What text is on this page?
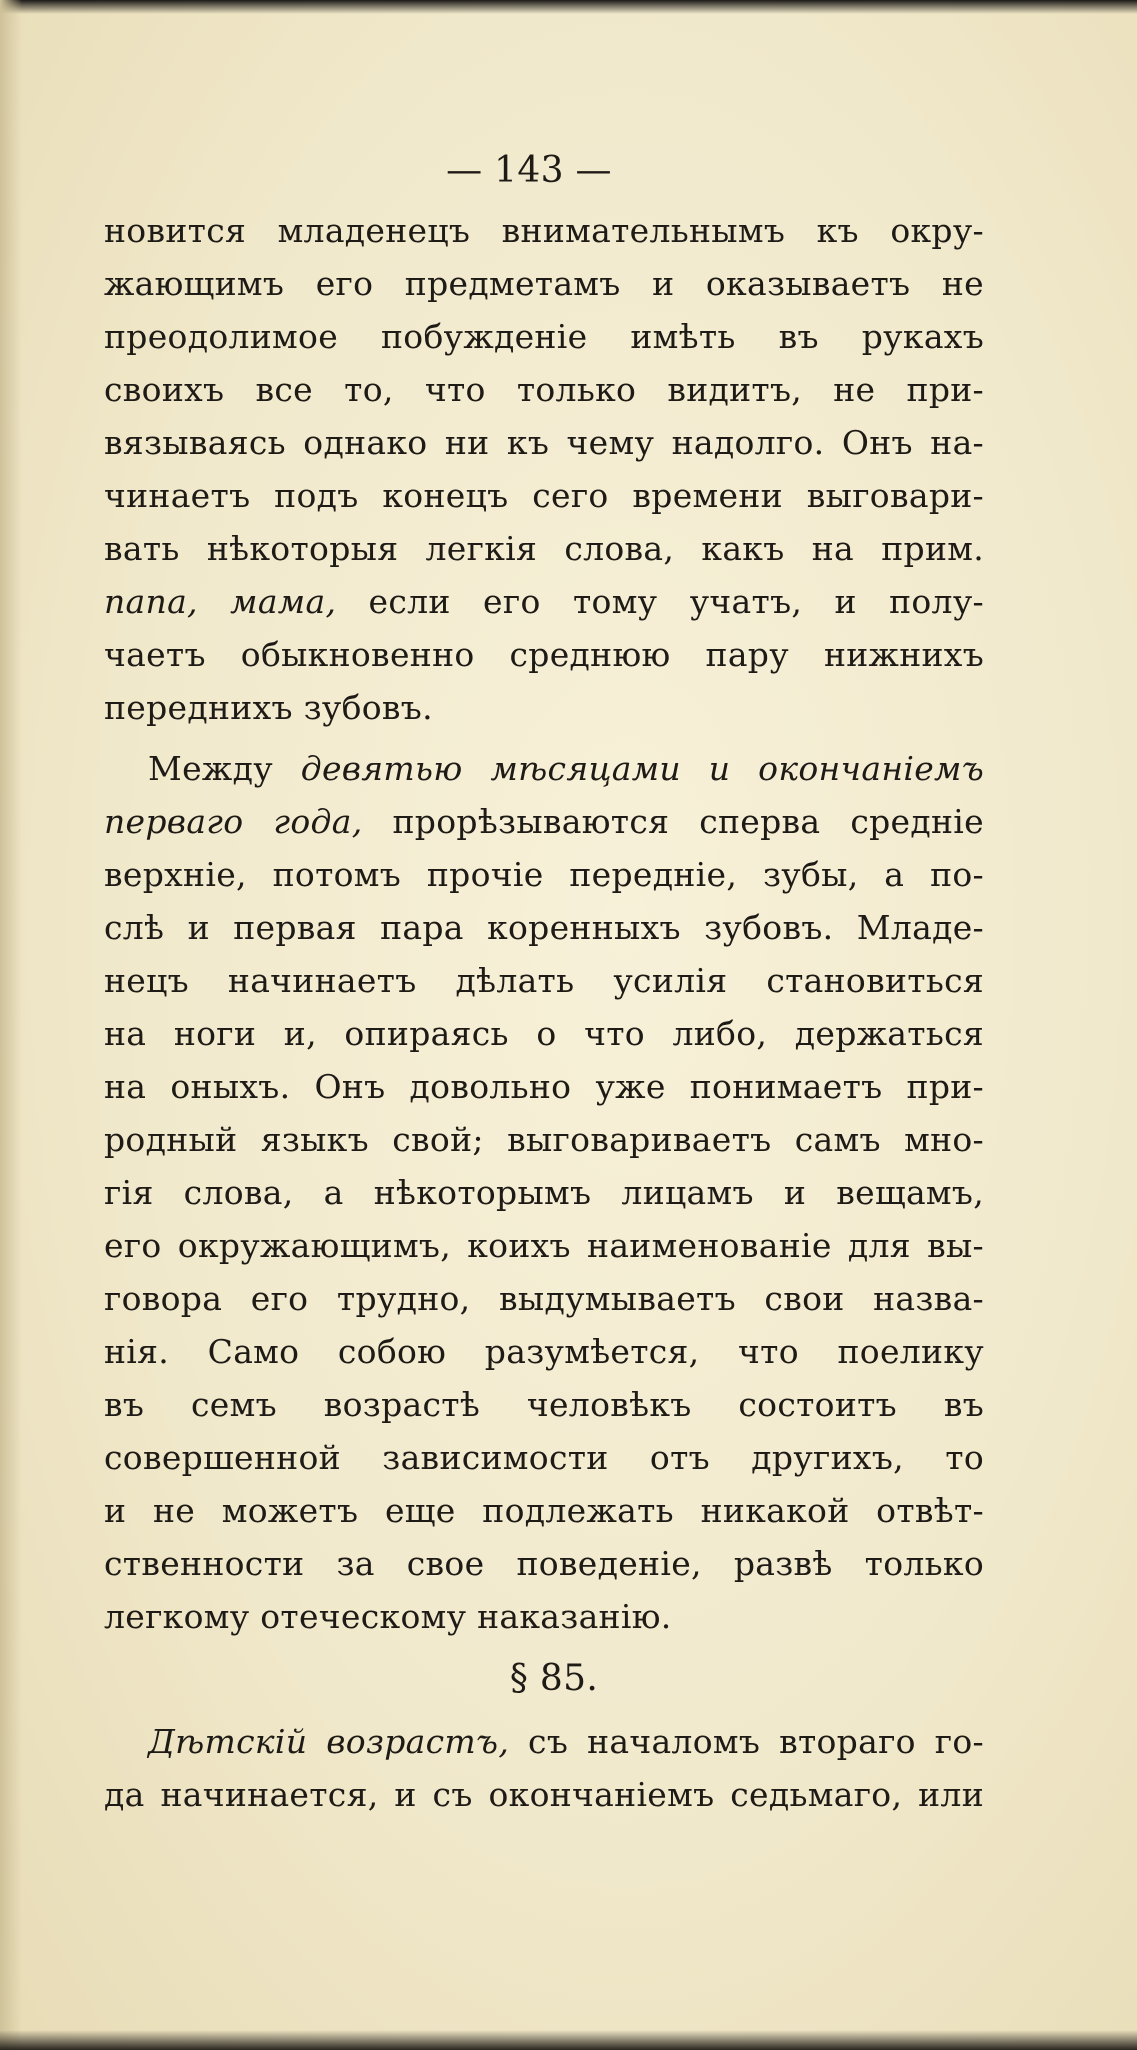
— 143 —
новится младенецъ внимательнымъ къ окру-
жающимъ его предметамъ и оказываетъ не
преодолимое побужденіе имѣть въ рукахъ
своихъ все то, что только видитъ, не при-
вязываясь однако ни къ чему надолго. Онъ на-
чинаетъ подъ конецъ сего времени выговари-
вать нѣкоторыя легкія слова, какъ на прим.
папа, мама, если его тому учатъ, и полу-
чаетъ обыкновенно среднюю пару нижнихъ
переднихъ зубовъ.
Между девятью мѣсяцами и окончаніемъ
перваго года, прорѣзываются сперва средніе
верхніе, потомъ прочіе передніе, зубы, а по-
слѣ и первая пара коренныхъ зубовъ. Младе-
нецъ начинаетъ дѣлать усилія становиться
на ноги и, опираясь о что либо, держаться
на оныхъ. Онъ довольно уже понимаетъ при-
родный языкъ свой; выговариваетъ самъ мно-
гія слова, а нѣкоторымъ лицамъ и вещамъ,
его окружающимъ, коихъ наименованіе для вы-
говора его трудно, выдумываетъ свои назва-
нія. Само собою разумѣется, что поелику
въ семъ возрастѣ человѣкъ состоитъ въ
совершенной зависимости отъ другихъ, то
и не можетъ еще подлежать никакой отвѣт-
ственности за свое поведеніе, развѣ только
легкому отеческому наказанію.
§ 85.
Дѣтскій возрастъ, съ началомъ втораго го-
да начинается, и съ окончаніемъ седьмаго, или
